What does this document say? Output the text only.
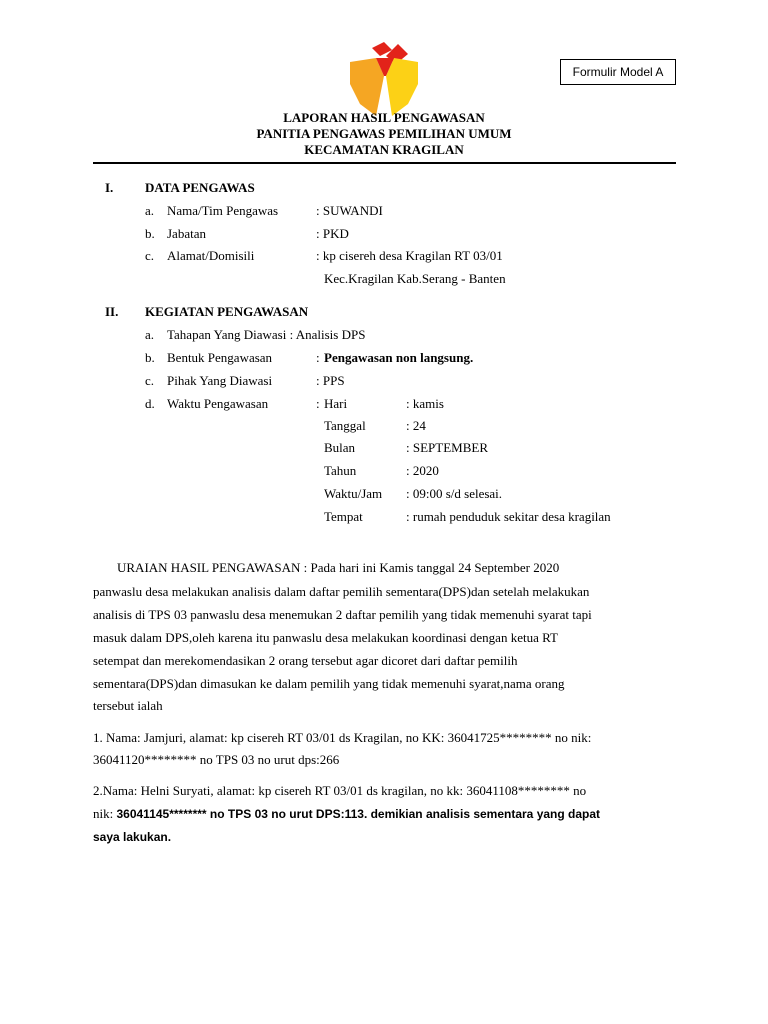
Formulir Model A
LAPORAN HASIL PENGAWASAN
PANITIA PENGAWAS PEMILIHAN UMUM
KECAMATAN KRAGILAN
I. DATA PENGAWAS
a. Nama/Tim Pengawas	: SUWANDI
b. Jabatan	: PKD
c. Alamat/Domisili	: kp cisereh desa Kragilan RT 03/01
Kec.Kragilan Kab.Serang - Banten
II. KEGIATAN PENGAWASAN
a. Tahapan Yang Diawasi : Analisis DPS
b. Bentuk Pengawasan	: Pengawasan non langsung.
c. Pihak Yang Diawasi	: PPS
d. Waktu Pengawasan	: Hari	: kamis
Tanggal	: 24
Bulan	: SEPTEMBER
Tahun	: 2020
Waktu/Jam : 09:00 s/d selesai.
Tempat	: rumah penduduk sekitar desa kragilan
URAIAN HASIL PENGAWASAN : Pada hari ini Kamis tanggal 24 September 2020
panwaslu desa melakukan analisis dalam daftar pemilih sementara(DPS)dan setelah melakukan
analisis di TPS 03 panwaslu desa menemukan 2 daftar pemilih yang tidak memenuhi syarat tapi
masuk dalam DPS,oleh karena itu panwaslu desa melakukan koordinasi dengan ketua RT
setempat dan merekomendasikan 2 orang tersebut agar dicoret dari daftar pemilih
sementara(DPS)dan dimasukan ke dalam pemilih yang tidak memenuhi syarat,nama orang
tersebut ialah
1. Nama: Jamjuri, alamat: kp cisereh RT 03/01 ds Kragilan, no KK: 36041725******** no nik:
36041120******** no TPS 03 no urut dps:266
2.Nama: Helni Suryati, alamat: kp cisereh RT 03/01 ds kragilan, no kk: 36041108******** no
nik: 36041145******** no TPS 03 no urut DPS:113. demikian analisis sementara yang dapat
saya lakukan.
